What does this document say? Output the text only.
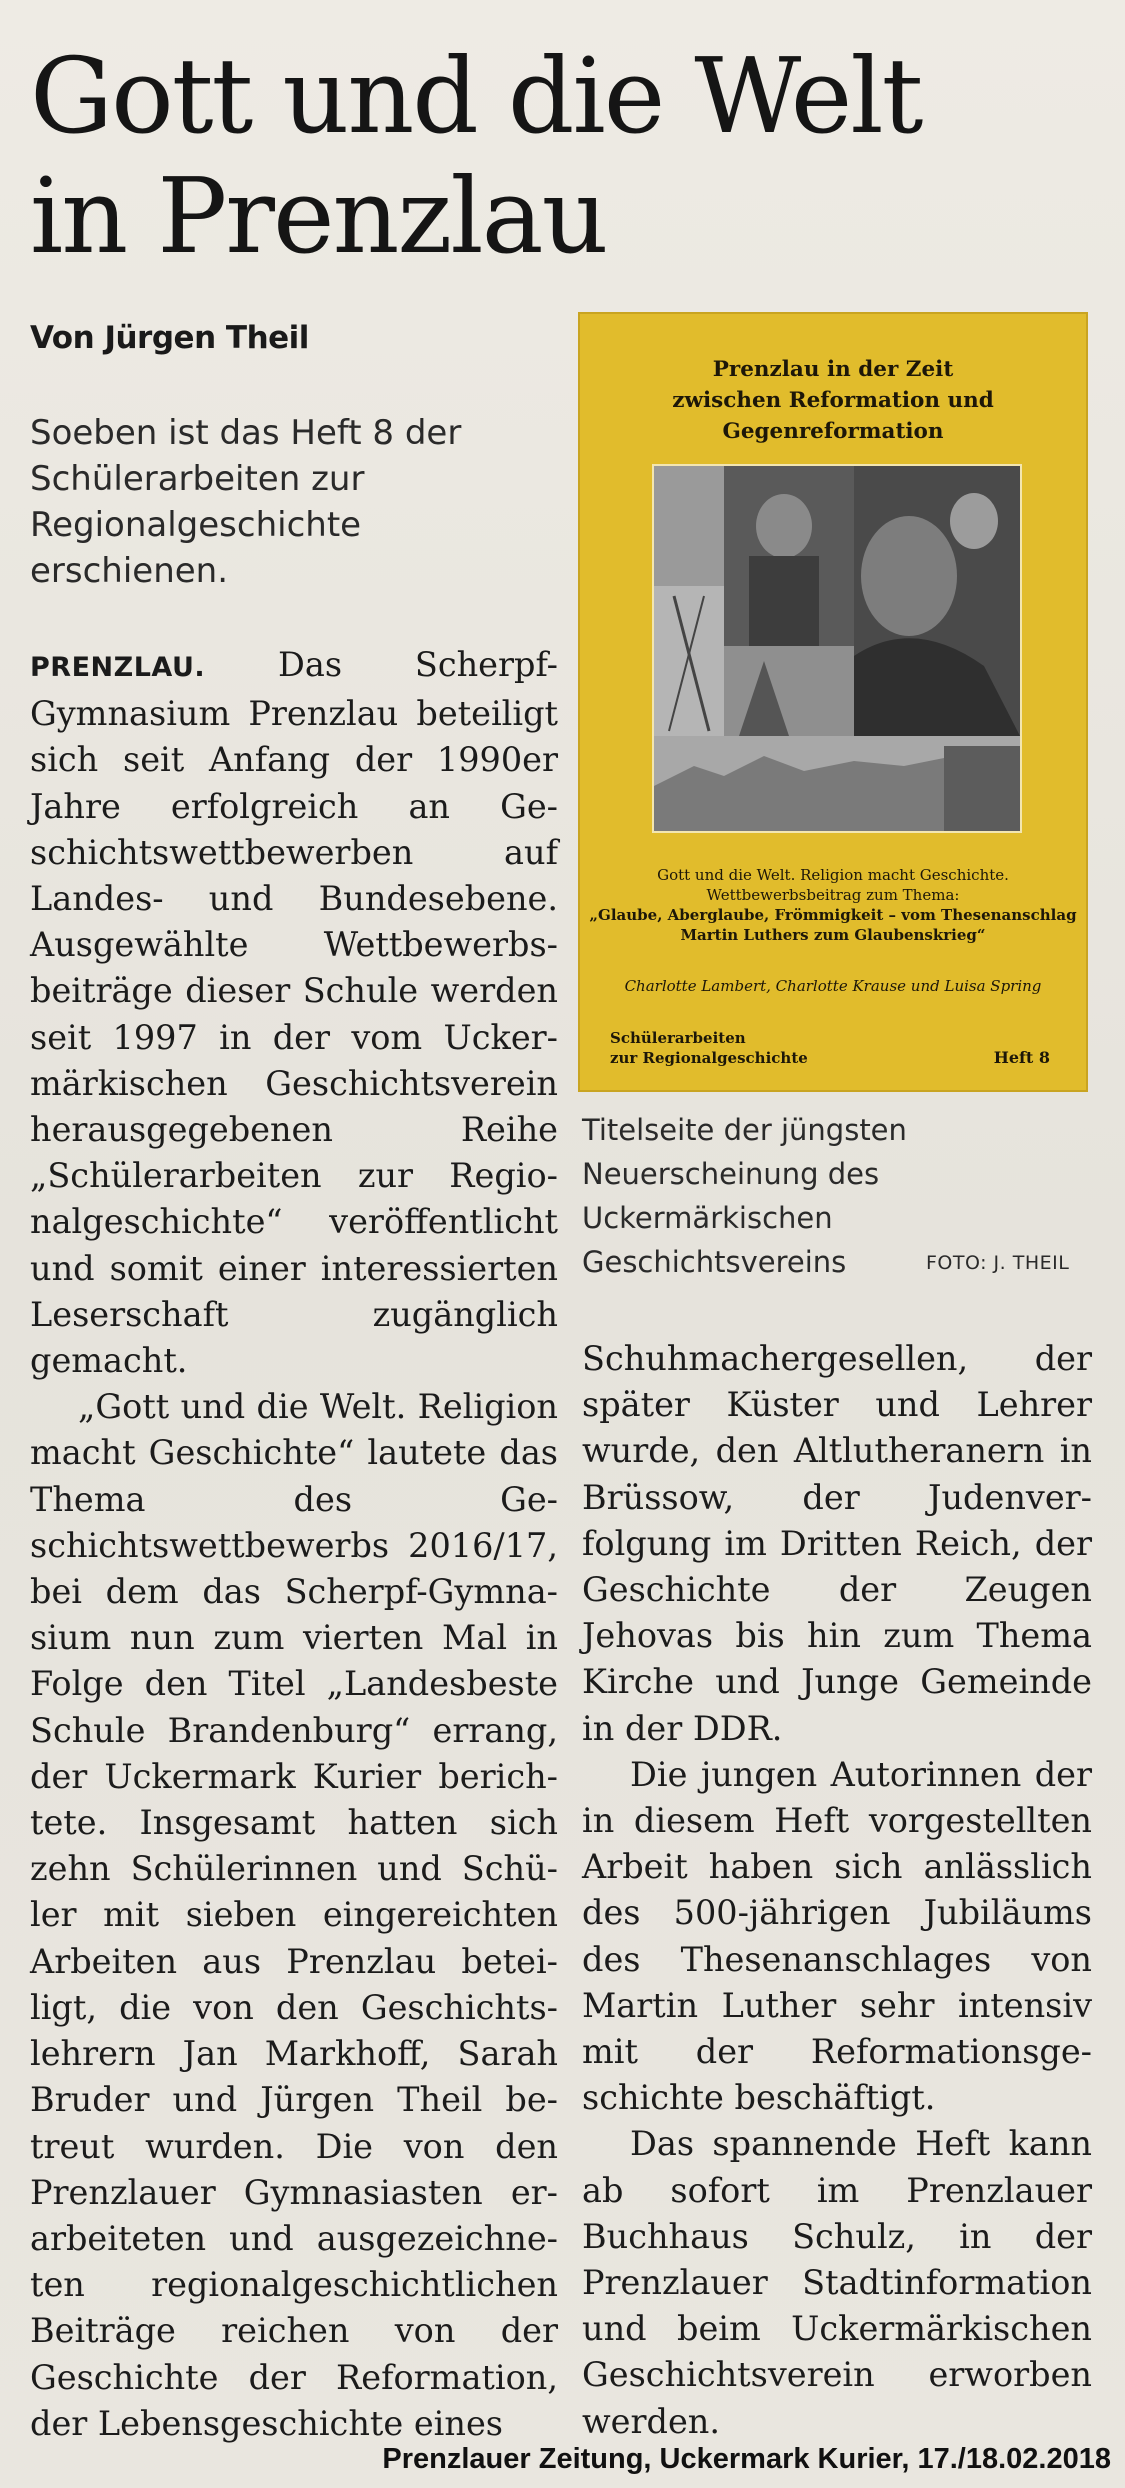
Gott und die Welt in Prenzlau
Von Jürgen Theil
Soeben ist das Heft 8 der Schülerarbeiten zur Regionalgeschichte erschienen.

PRENZLAU. Das Scherpf-Gymnasium Prenzlau beteiligt sich seit Anfang der 1990er Jahre erfolgreich an Geschichtswettbewerben auf Landes- und Bundesebene. Ausgewählte Wettbewerbsbeiträge dieser Schule werden seit 1997 in der vom Uckermärkischen Geschichtsverein herausgegebenen Reihe „Schülerarbeiten zur Regionalgeschichte“ veröffentlicht und somit einer interessierten Leserschaft zugänglich gemacht.

„Gott und die Welt. Religion macht Geschichte“ lautete das Thema des Geschichtswettbewerbs 2016/17, bei dem das Scherpf-Gymnasium nun zum vierten Mal in Folge den Titel „Landesbeste Schule Brandenburg“ errang, der Uckermark Kurier berichtete. Insgesamt hatten sich zehn Schülerinnen und Schüler mit sieben eingereichten Arbeiten aus Prenzlau beteiligt, die von den Geschichtslehrern Jan Markhoff, Sarah Bruder und Jürgen Theil betreut wurden. Die von den Prenzlauer Gymnasiasten erarbeiteten und ausgezeichneten regionalgeschichtlichen Beiträge reichen von der Geschichte der Reformation, der Lebensgeschichte eines

Prenzlau in der Zeit
zwischen Reformation und
Gegenreformation
Gott und die Welt. Religion macht Geschichte.
Wettbewerbsbeitrag zum Thema:
„Glaube, Aberglaube, Frömmigkeit – vom Thesenanschlag
Martin Luthers zum Glaubenskrieg“
Charlotte Lambert, Charlotte Krause und Luisa Spring
Schülerarbeiten
zur Regionalgeschichte	Heft 8
Titelseite der jüngsten Neuerscheinung des Uckermärkischen Geschichtsvereins	FOTO: J. THEIL

Schuhmachergesellen, der später Küster und Lehrer wurde, den Altlutheranern in Brüssow, der Judenverfolgung im Dritten Reich, der Geschichte der Zeugen Jehovas bis hin zum Thema Kirche und Junge Gemeinde in der DDR.

Die jungen Autorinnen der in diesem Heft vorgestellten Arbeit haben sich anlässlich des 500-jährigen Jubiläums des Thesenanschlages von Martin Luther sehr intensiv mit der Reformationsgeschichte beschäftigt.

Das spannende Heft kann ab sofort im Prenzlauer Buchhaus Schulz, in der Prenzlauer Stadtinformation und beim Uckermärkischen Geschichtsverein erworben werden.

Prenzlauer Zeitung, Uckermark Kurier, 17./18.02.2018
